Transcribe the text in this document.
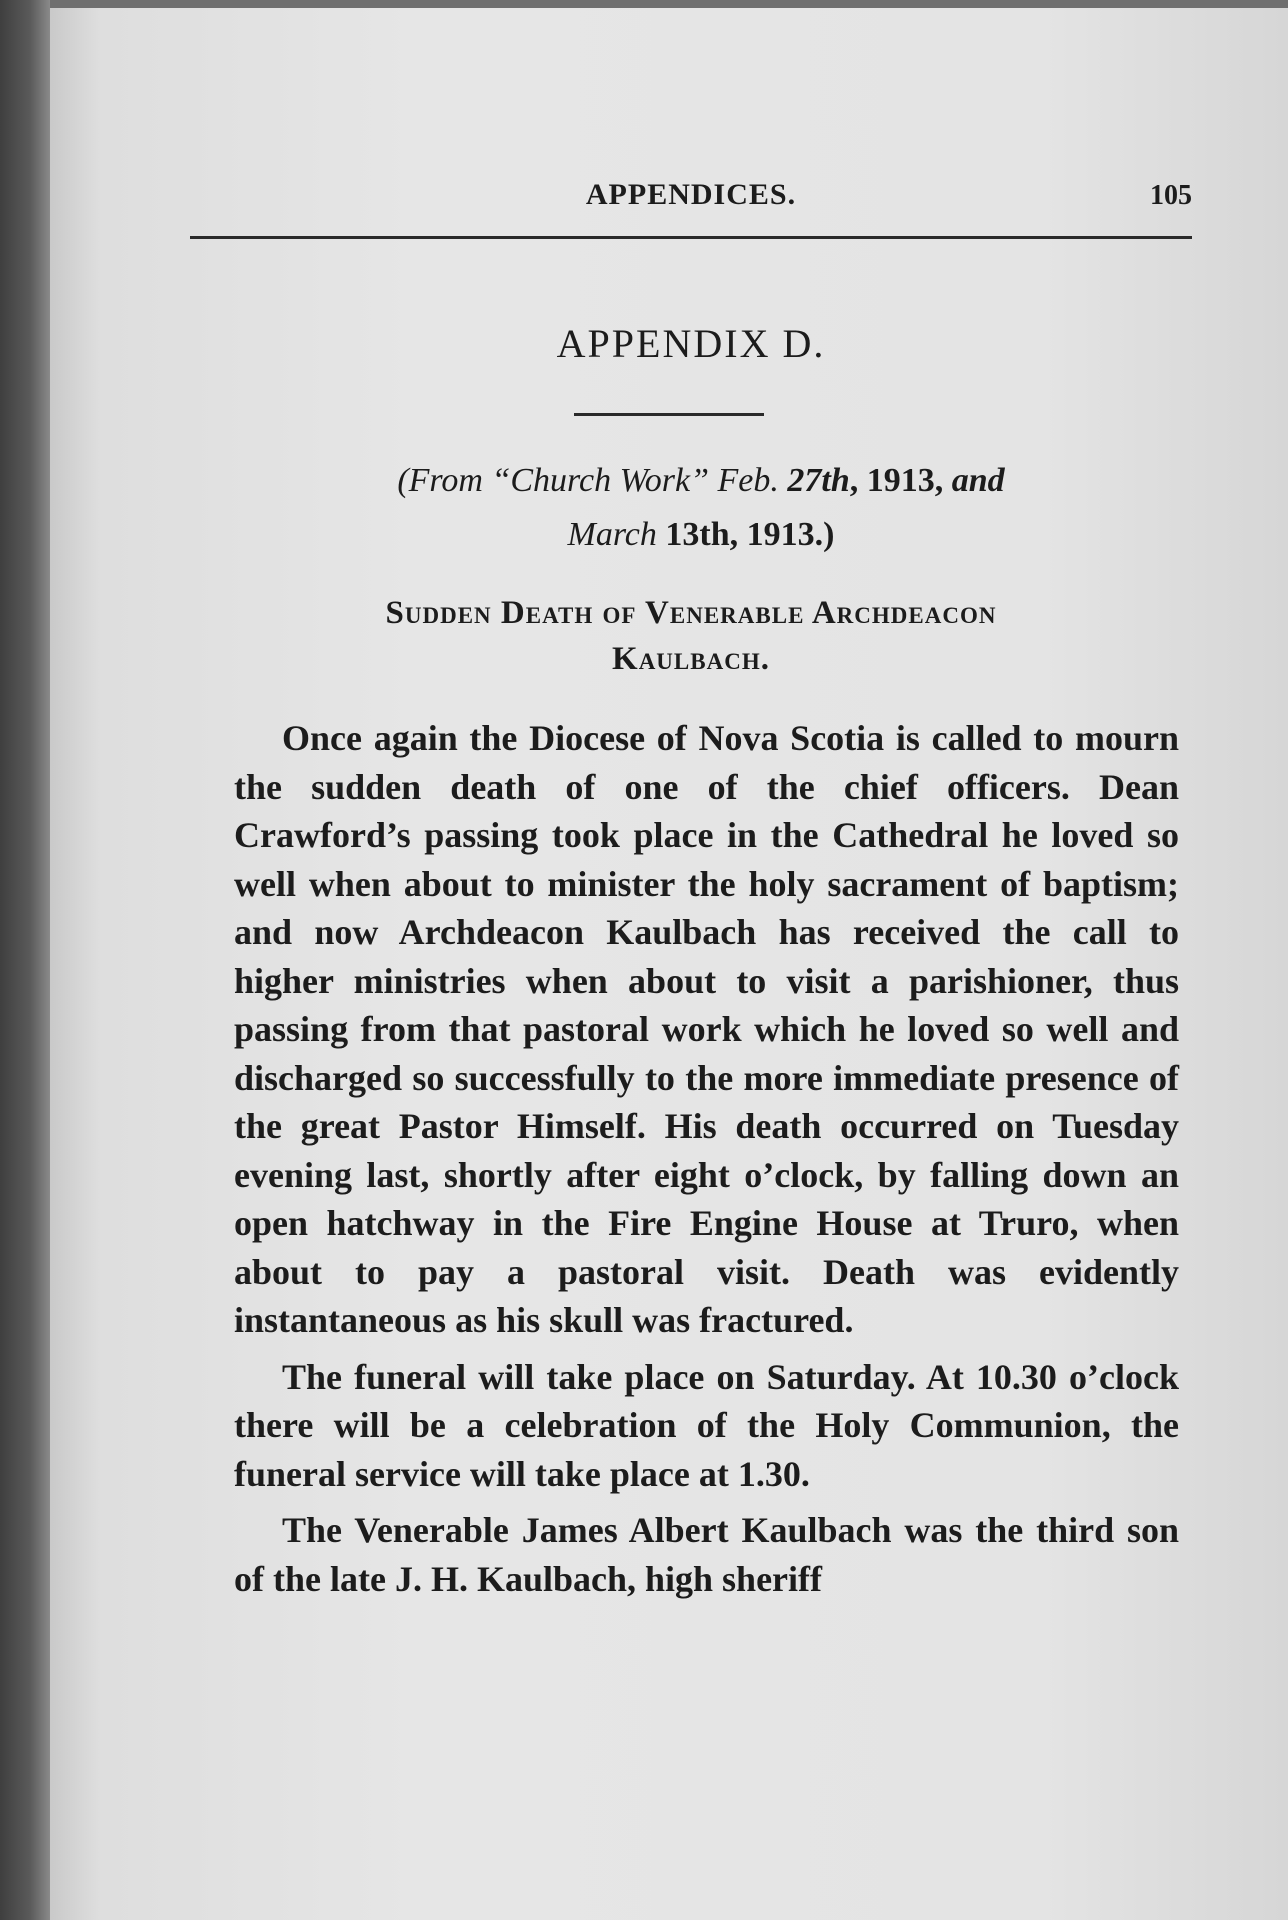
APPENDICES.	105
APPENDIX D.
(From “Church Work” Feb. 27th, 1913, and
March 13th, 1913.)
Sudden Death of Venerable Archdeacon
Kaulbach.

Once again the Diocese of Nova Scotia is called to mourn the sudden death of one of the chief officers. Dean Crawford’s passing took place in the Cathedral he loved so well when about to minister the holy sacrament of baptism; and now Archdeacon Kaulbach has received the call to higher ministries when about to visit a parishioner, thus passing from that pastoral work which he loved so well and discharged so successfully to the more immediate presence of the great Pastor Himself. His death occurred on Tuesday evening last, shortly after eight o’clock, by falling down an open hatchway in the Fire Engine House at Truro, when about to pay a pastoral visit. Death was evidently instantaneous as his skull was fractured.

The funeral will take place on Saturday. At 10.30 o’clock there will be a celebration of the Holy Communion, the funeral service will take place at 1.30.

The Venerable James Albert Kaulbach was the third son of the late J. H. Kaulbach, high sheriff
